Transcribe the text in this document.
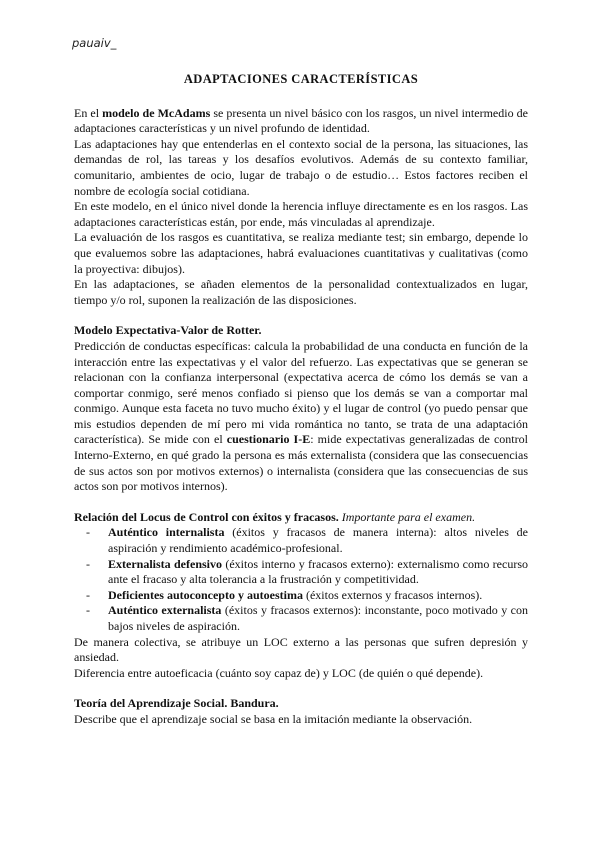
pauaiv_
ADAPTACIONES CARACTERÍSTICAS

En el modelo de McAdams se presenta un nivel básico con los rasgos, un nivel intermedio de adaptaciones características y un nivel profundo de identidad.

Las adaptaciones hay que entenderlas en el contexto social de la persona, las situaciones, las demandas de rol, las tareas y los desafíos evolutivos. Además de su contexto familiar, comunitario, ambientes de ocio, lugar de trabajo o de estudio… Estos factores reciben el nombre de ecología social cotidiana.

En este modelo, en el único nivel donde la herencia influye directamente es en los rasgos. Las adaptaciones características están, por ende, más vinculadas al aprendizaje.

La evaluación de los rasgos es cuantitativa, se realiza mediante test; sin embargo, depende lo que evaluemos sobre las adaptaciones, habrá evaluaciones cuantitativas y cualitativas (como la proyectiva: dibujos).

En las adaptaciones, se añaden elementos de la personalidad contextualizados en lugar, tiempo y/o rol, suponen la realización de las disposiciones.

Modelo Expectativa-Valor de Rotter.

Predicción de conductas específicas: calcula la probabilidad de una conducta en función de la interacción entre las expectativas y el valor del refuerzo. Las expectativas que se generan se relacionan con la confianza interpersonal (expectativa acerca de cómo los demás se van a comportar conmigo, seré menos confiado si pienso que los demás se van a comportar mal conmigo. Aunque esta faceta no tuvo mucho éxito) y el lugar de control (yo puedo pensar que mis estudios dependen de mí pero mi vida romántica no tanto, se trata de una adaptación característica). Se mide con el cuestionario I-E: mide expectativas generalizadas de control Interno-Externo, en qué grado la persona es más externalista (considera que las consecuencias de sus actos son por motivos externos) o internalista (considera que las consecuencias de sus actos son por motivos internos).

Relación del Locus de Control con éxitos y fracasos. Importante para el examen.
- Auténtico internalista (éxitos y fracasos de manera interna): altos niveles de aspiración y rendimiento académico-profesional.
- Externalista defensivo (éxitos interno y fracasos externo): externalismo como recurso ante el fracaso y alta tolerancia a la frustración y competitividad.
- Deficientes autoconcepto y autoestima (éxitos externos y fracasos internos).
- Auténtico externalista (éxitos y fracasos externos): inconstante, poco motivado y con bajos niveles de aspiración.

De manera colectiva, se atribuye un LOC externo a las personas que sufren depresión y ansiedad.

Diferencia entre autoeficacia (cuánto soy capaz de) y LOC (de quién o qué depende).

Teoría del Aprendizaje Social. Bandura.

Describe que el aprendizaje social se basa en la imitación mediante la observación.
